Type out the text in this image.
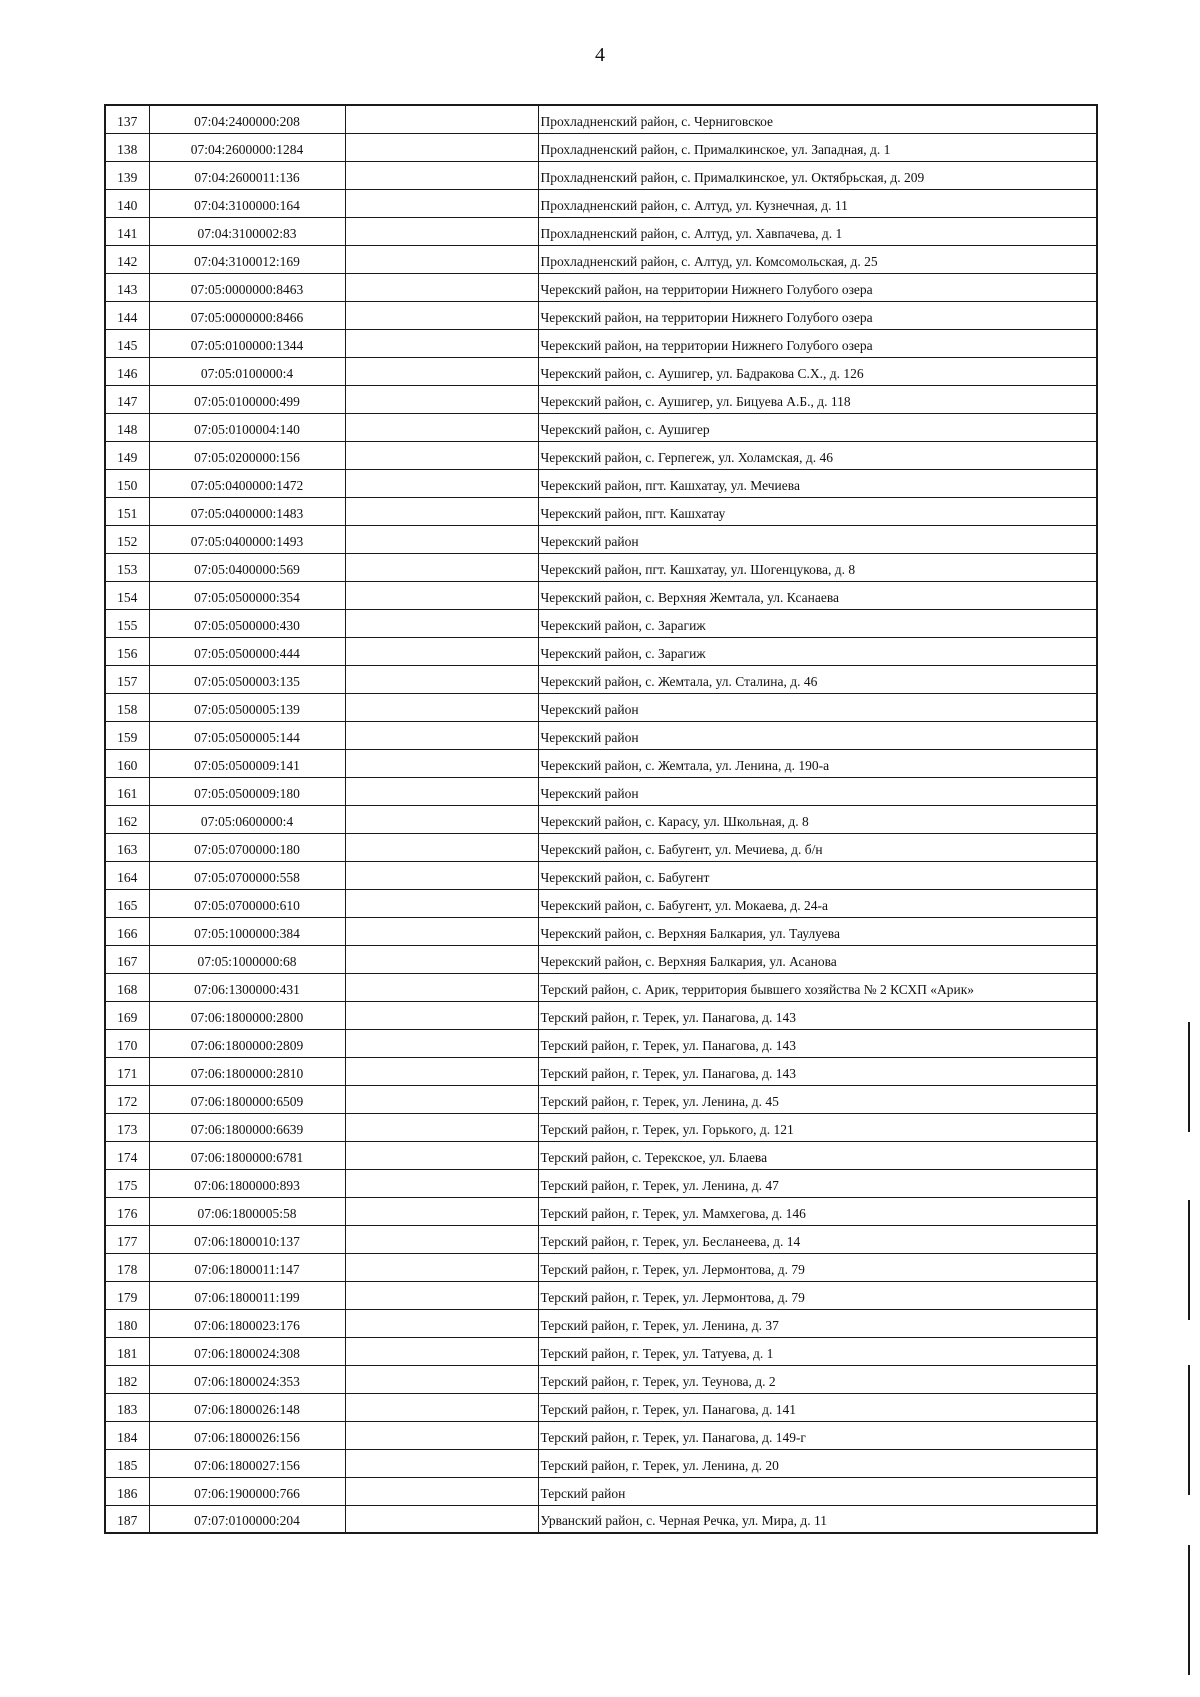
4
137	07:04:2400000:208		Прохладненский район, с. Черниговское
138	07:04:2600000:1284		Прохладненский район, с. Прималкинское, ул. Западная, д. 1
139	07:04:2600011:136		Прохладненский район, с. Прималкинское, ул. Октябрьская, д. 209
140	07:04:3100000:164		Прохладненский район, с. Алтуд, ул. Кузнечная, д. 11
141	07:04:3100002:83		Прохладненский район, с. Алтуд, ул. Хавпачева, д. 1
142	07:04:3100012:169		Прохладненский район, с. Алтуд, ул. Комсомольская, д. 25
143	07:05:0000000:8463		Черекский район, на территории Нижнего Голубого озера
144	07:05:0000000:8466		Черекский район, на территории Нижнего Голубого озера
145	07:05:0100000:1344		Черекский район, на территории Нижнего Голубого озера
146	07:05:0100000:4		Черекский район, с. Аушигер, ул. Бадракова С.Х., д. 126
147	07:05:0100000:499		Черекский район, с. Аушигер, ул. Бицуева А.Б., д. 118
148	07:05:0100004:140		Черекский район, с. Аушигер
149	07:05:0200000:156		Черекский район, с. Герпегеж, ул. Холамская, д. 46
150	07:05:0400000:1472		Черекский район, пгт. Кашхатау, ул. Мечиева
151	07:05:0400000:1483		Черекский район, пгт. Кашхатау
152	07:05:0400000:1493		Черекский район
153	07:05:0400000:569		Черекский район, пгт. Кашхатау, ул. Шогенцукова, д. 8
154	07:05:0500000:354		Черекский район, с. Верхняя Жемтала, ул. Ксанаева
155	07:05:0500000:430		Черекский район, с. Зарагиж
156	07:05:0500000:444		Черекский район, с. Зарагиж
157	07:05:0500003:135		Черекский район, с. Жемтала, ул. Сталина, д. 46
158	07:05:0500005:139		Черекский район
159	07:05:0500005:144		Черекский район
160	07:05:0500009:141		Черекский район, с. Жемтала, ул. Ленина, д. 190-а
161	07:05:0500009:180		Черекский район
162	07:05:0600000:4		Черекский район, с. Карасу, ул. Школьная, д. 8
163	07:05:0700000:180		Черекский район, с. Бабугент, ул. Мечиева, д. б/н
164	07:05:0700000:558		Черекский район, с. Бабугент
165	07:05:0700000:610		Черекский район, с. Бабугент, ул. Мокаева, д. 24-а
166	07:05:1000000:384		Черекский район, с. Верхняя Балкария, ул. Таулуева
167	07:05:1000000:68		Черекский район, с. Верхняя Балкария, ул. Асанова
168	07:06:1300000:431		Терский район, с. Арик, территория бывшего хозяйства № 2 КСХП «Арик»
169	07:06:1800000:2800		Терский район, г. Терек, ул. Панагова, д. 143
170	07:06:1800000:2809		Терский район, г. Терек, ул. Панагова, д. 143
171	07:06:1800000:2810		Терский район, г. Терек, ул. Панагова, д. 143
172	07:06:1800000:6509		Терский район, г. Терек, ул. Ленина, д. 45
173	07:06:1800000:6639		Терский район, г. Терек, ул. Горького, д. 121
174	07:06:1800000:6781		Терский район, с. Терекское, ул. Блаева
175	07:06:1800000:893		Терский район, г. Терек, ул. Ленина, д. 47
176	07:06:1800005:58		Терский район, г. Терек, ул. Мамхегова, д. 146
177	07:06:1800010:137		Терский район, г. Терек, ул. Бесланеева, д. 14
178	07:06:1800011:147		Терский район, г. Терек, ул. Лермонтова, д. 79
179	07:06:1800011:199		Терский район, г. Терек, ул. Лермонтова, д. 79
180	07:06:1800023:176		Терский район, г. Терек, ул. Ленина, д. 37
181	07:06:1800024:308		Терский район, г. Терек, ул. Татуева, д. 1
182	07:06:1800024:353		Терский район, г. Терек, ул. Теунова, д. 2
183	07:06:1800026:148		Терский район, г. Терек, ул. Панагова, д. 141
184	07:06:1800026:156		Терский район, г. Терек, ул. Панагова, д. 149-г
185	07:06:1800027:156		Терский район, г. Терек, ул. Ленина, д. 20
186	07:06:1900000:766		Терский район
187	07:07:0100000:204		Урванский район, с. Черная Речка, ул. Мира, д. 11
